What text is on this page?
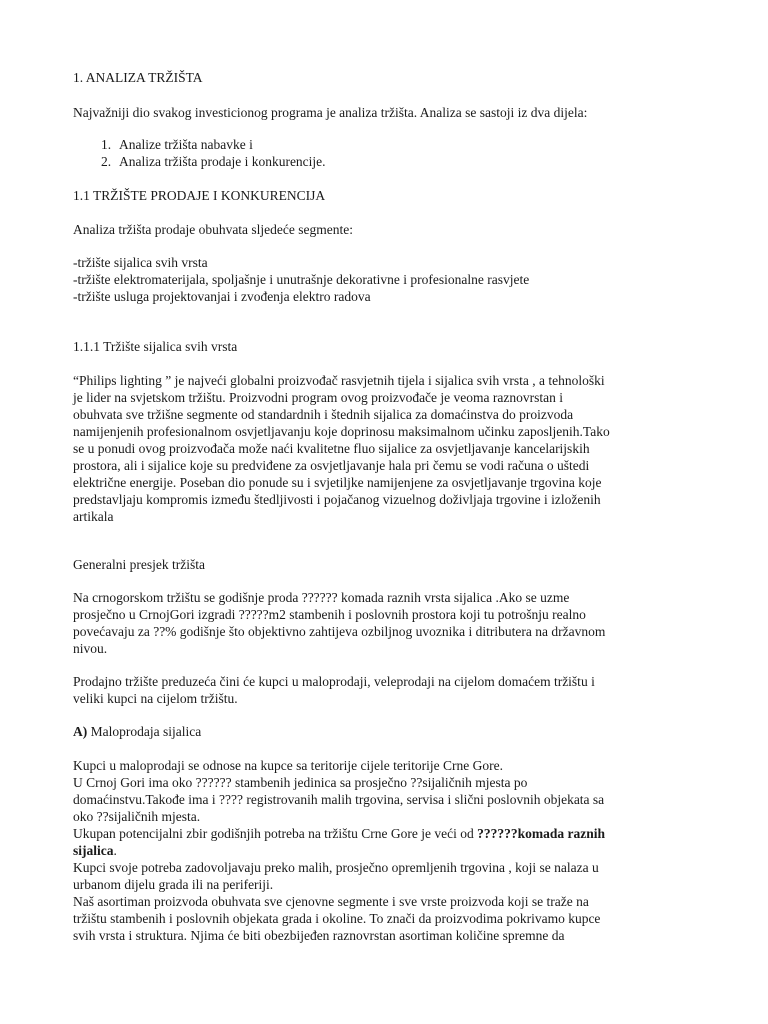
1. ANALIZA TRŽIŠTA
Najvažniji dio svakog investicionog programa je analiza tržišta. Analiza se sastoji iz dva dijela:
1. Analize tržišta nabavke i
2. Analiza tržišta prodaje i konkurencije.
1.1 TRŽIŠTE PRODAJE I KONKURENCIJA
Analiza tržišta prodaje obuhvata sljedeće segmente:
-tržište sijalica svih vrsta
-tržište elektromaterijala, spoljašnje i unutrašnje dekorativne i profesionalne rasvjete
-tržište usluga projektovanjai i zvođenja elektro radova
1.1.1 Tržište sijalica svih vrsta
“Philips lighting ” je najveći globalni proizvođač rasvjetnih tijela i sijalica svih vrsta , a tehnološki
je lider na svjetskom tržištu. Proizvodni program ovog proizvođače je veoma raznovrstan i
obuhvata sve tržišne segmente od standardnih i štednih sijalica za domaćinstva do proizvoda
namijenjenih profesionalnom osvjetljavanju koje doprinosu maksimalnom učinku zaposljenih.Tako
se u ponudi ovog proizvođača može naći kvalitetne fluo sijalice za osvjetljavanje kancelarijskih
prostora, ali i sijalice koje su predviđene za osvjetljavanje hala pri čemu se vodi računa o uštedi
električne energije. Poseban dio ponude su i svjetiljke namijenjene za osvjetljavanje trgovina koje
predstavljaju kompromis između štedljivosti i pojačanog vizuelnog doživljaja trgovine i izloženih
artikala
Generalni presjek tržišta
Na crnogorskom tržištu se godišnje proda ?????? komada raznih vrsta sijalica .Ako se uzme
prosječno u CrnojGori izgradi ?????m2 stambenih i poslovnih prostora koji tu potrošnju realno
povećavaju za ??% godišnje što objektivno zahtijeva ozbiljnog uvoznika i ditributera na državnom
nivou.
Prodajno tržište preduzeća čini će kupci u maloprodaji, veleprodaji na cijelom domaćem tržištu i
veliki kupci na cijelom tržištu.
A) Maloprodaja sijalica
Kupci u maloprodaji se odnose na kupce sa teritorije cijele teritorije Crne Gore.
U Crnoj Gori ima oko ?????? stambenih jedinica sa prosječno ??sijaličnih mjesta po
domaćinstvu.Takođe ima i ???? registrovanih malih trgovina, servisa i slični poslovnih objekata sa
oko ??sijaličnih mjesta.
Ukupan potencijalni zbir godišnjih potreba na tržištu Crne Gore je veći od ??????komada raznih
sijalica.
Kupci svoje potreba zadovoljavaju preko malih, prosječno opremljenih trgovina , koji se nalaza u
urbanom dijelu grada ili na periferiji.
Naš asortiman proizvoda obuhvata sve cjenovne segmente i sve vrste proizvoda koji se traže na
tržištu stambenih i poslovnih objekata grada i okoline. To znači da proizvodima pokrivamo kupce
svih vrsta i struktura. Njima će biti obezbijeđen raznovrstan asortiman količine spremne da
